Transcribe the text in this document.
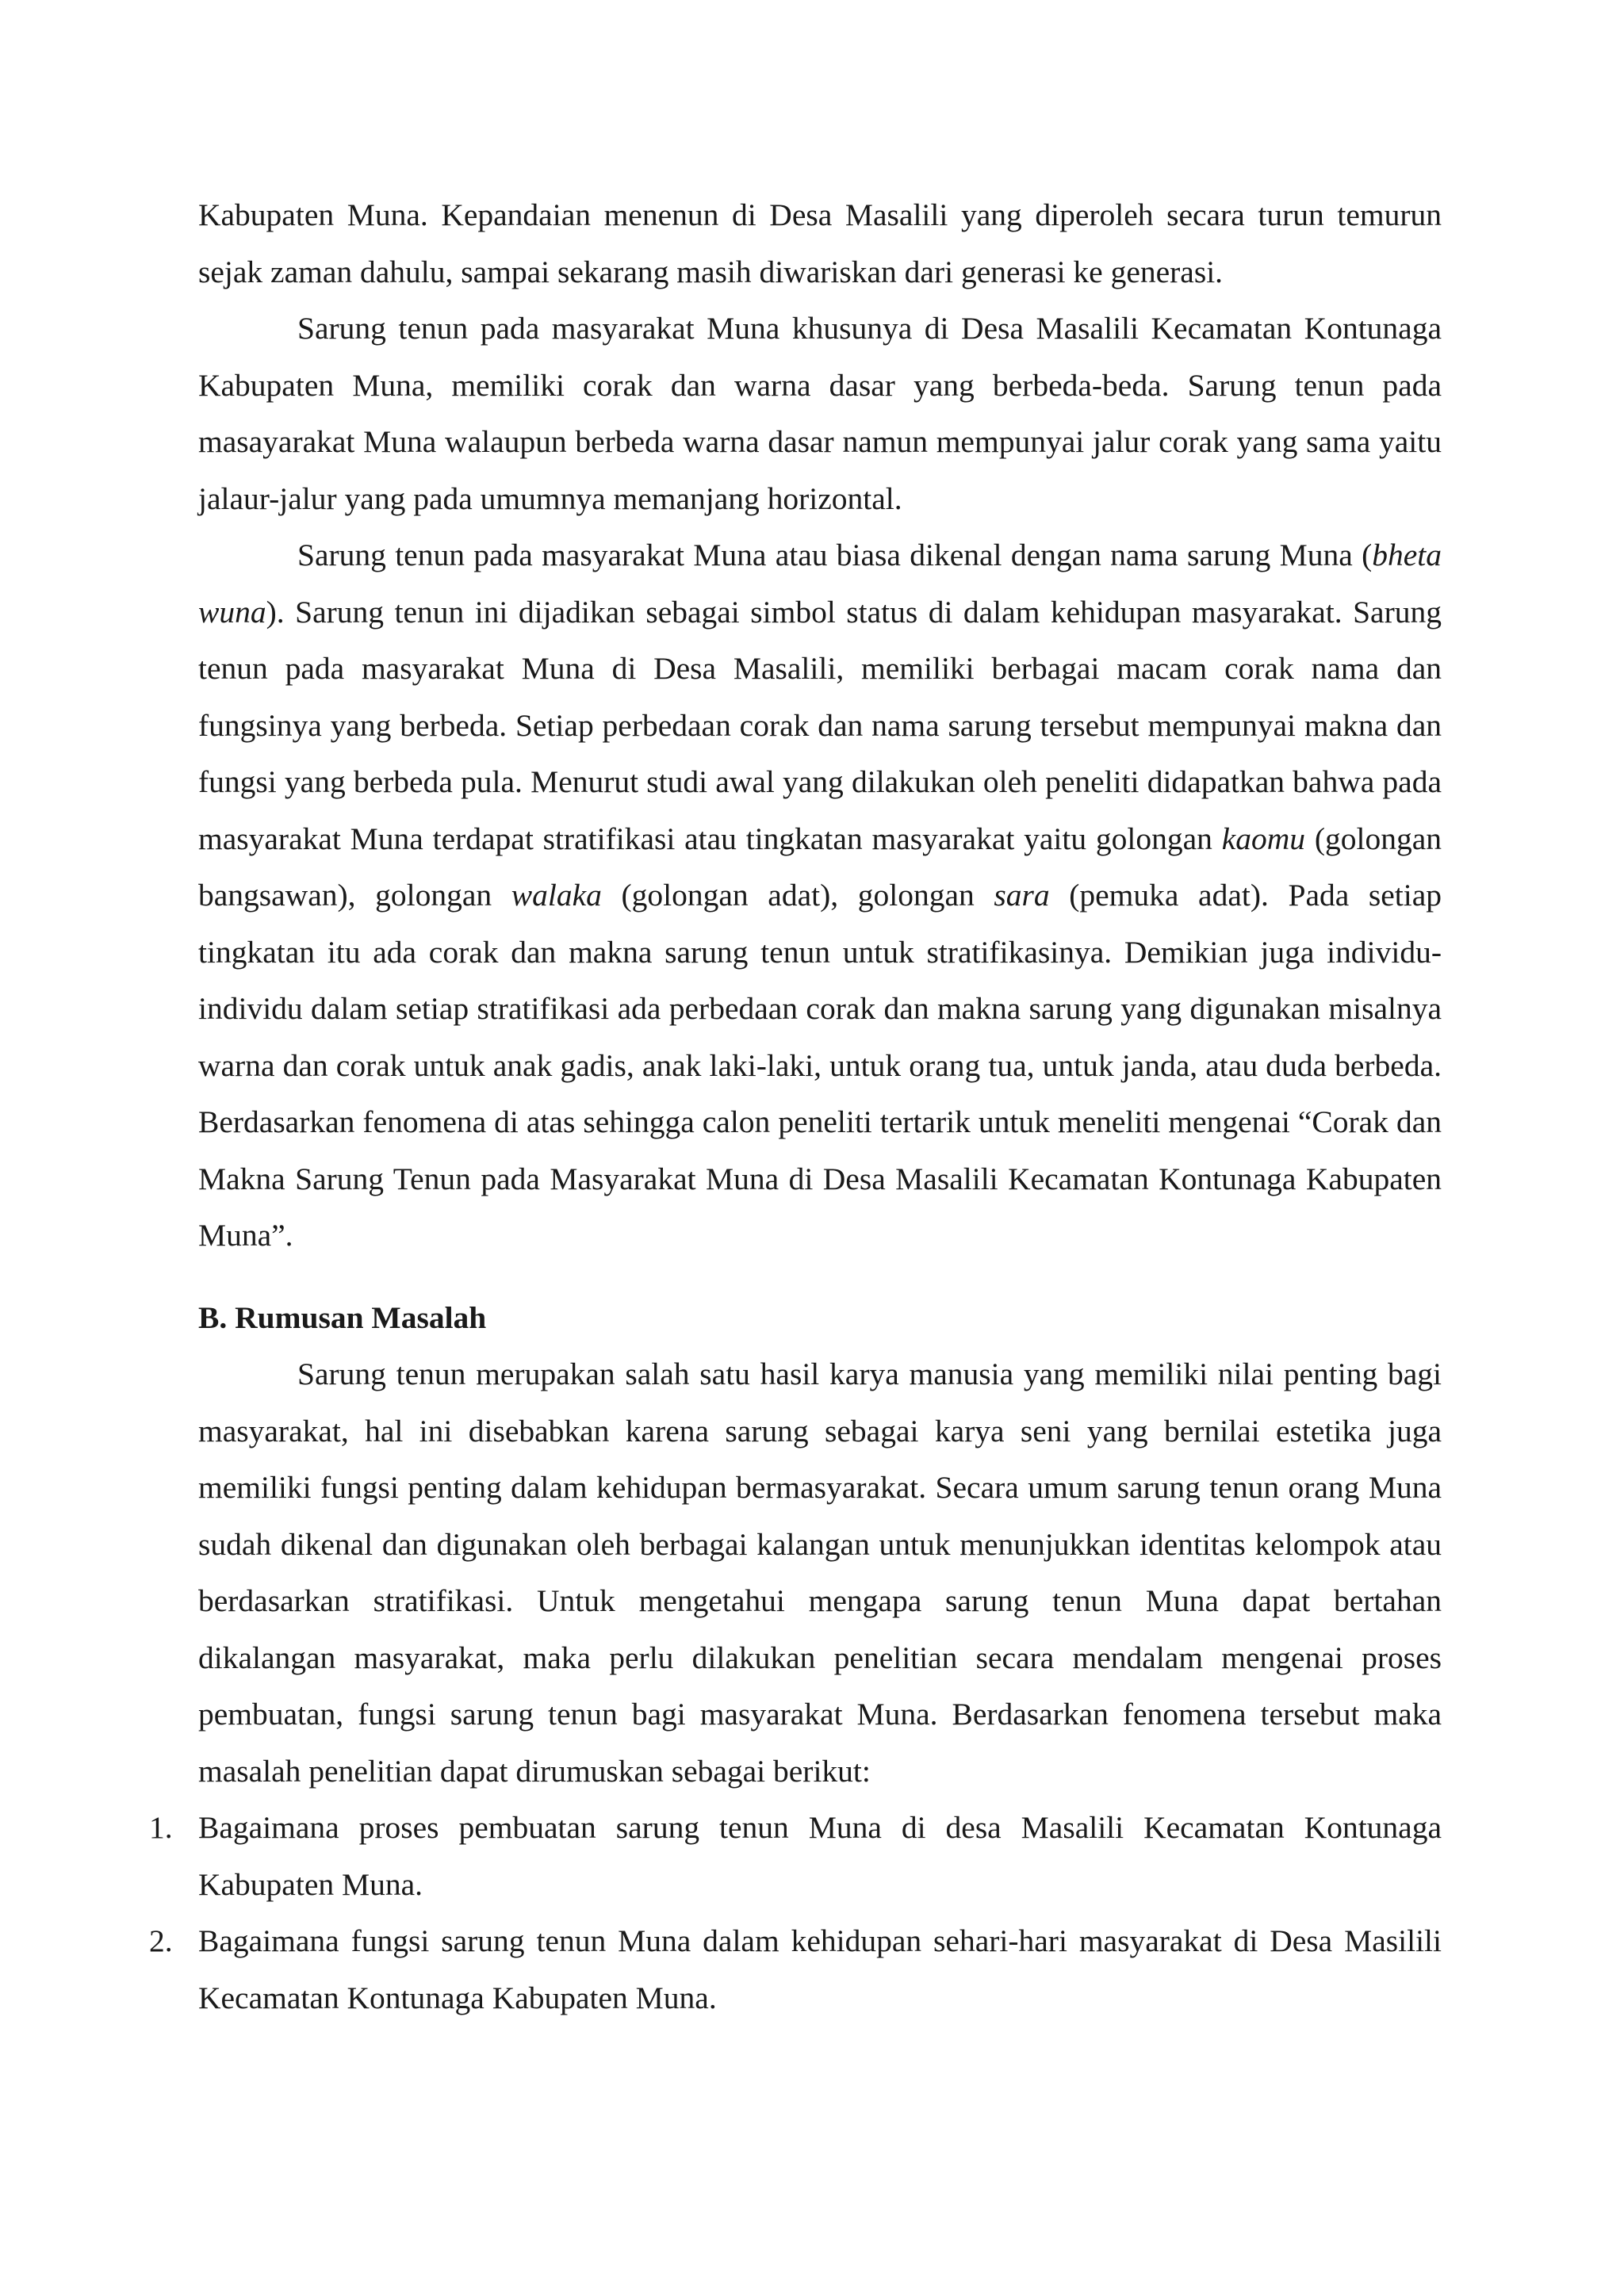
Kabupaten Muna. Kepandaian menenun di Desa Masalili yang diperoleh secara turun temurun sejak zaman dahulu, sampai sekarang masih diwariskan dari generasi ke generasi.

Sarung tenun pada masyarakat Muna khusunya di Desa Masalili Kecamatan Kontunaga Kabupaten Muna, memiliki corak dan warna dasar yang berbeda-beda. Sarung tenun pada masayarakat Muna walaupun berbeda warna dasar namun mempunyai jalur corak yang sama yaitu jalaur-jalur yang pada umumnya memanjang horizontal.

Sarung tenun pada masyarakat Muna atau biasa dikenal dengan nama sarung Muna (bheta wuna). Sarung tenun ini dijadikan sebagai simbol status di dalam kehidupan masyarakat. Sarung tenun pada masyarakat Muna di Desa Masalili, memiliki berbagai macam corak nama dan fungsinya yang berbeda. Setiap perbedaan corak dan nama sarung tersebut mempunyai makna dan fungsi yang berbeda pula. Menurut studi awal yang dilakukan oleh peneliti didapatkan bahwa pada masyarakat Muna terdapat stratifikasi atau tingkatan masyarakat yaitu golongan kaomu (golongan bangsawan), golongan walaka (golongan adat), golongan sara (pemuka adat). Pada setiap tingkatan itu ada corak dan makna sarung tenun untuk stratifikasinya. Demikian juga individu-individu dalam setiap stratifikasi ada perbedaan corak dan makna sarung yang digunakan misalnya warna dan corak untuk anak gadis, anak laki-laki, untuk orang tua, untuk janda, atau duda berbeda. Berdasarkan fenomena di atas sehingga calon peneliti tertarik untuk meneliti mengenai “Corak dan Makna Sarung Tenun pada Masyarakat Muna di Desa Masalili Kecamatan Kontunaga Kabupaten Muna”.

B. Rumusan Masalah

Sarung tenun merupakan salah satu hasil karya manusia yang memiliki nilai penting bagi masyarakat, hal ini disebabkan karena sarung sebagai karya seni yang bernilai estetika juga memiliki fungsi penting dalam kehidupan bermasyarakat. Secara umum sarung tenun orang Muna sudah dikenal dan digunakan oleh berbagai kalangan untuk menunjukkan identitas kelompok atau berdasarkan stratifikasi. Untuk mengetahui mengapa sarung tenun Muna dapat bertahan dikalangan masyarakat, maka perlu dilakukan penelitian secara mendalam mengenai proses pembuatan, fungsi sarung tenun bagi masyarakat Muna. Berdasarkan fenomena tersebut maka masalah penelitian dapat dirumuskan sebagai berikut:

1. Bagaimana proses pembuatan sarung tenun Muna di desa Masalili Kecamatan Kontunaga Kabupaten Muna.
2. Bagaimana fungsi sarung tenun Muna dalam kehidupan sehari-hari masyarakat di Desa Masilili Kecamatan Kontunaga Kabupaten Muna.
